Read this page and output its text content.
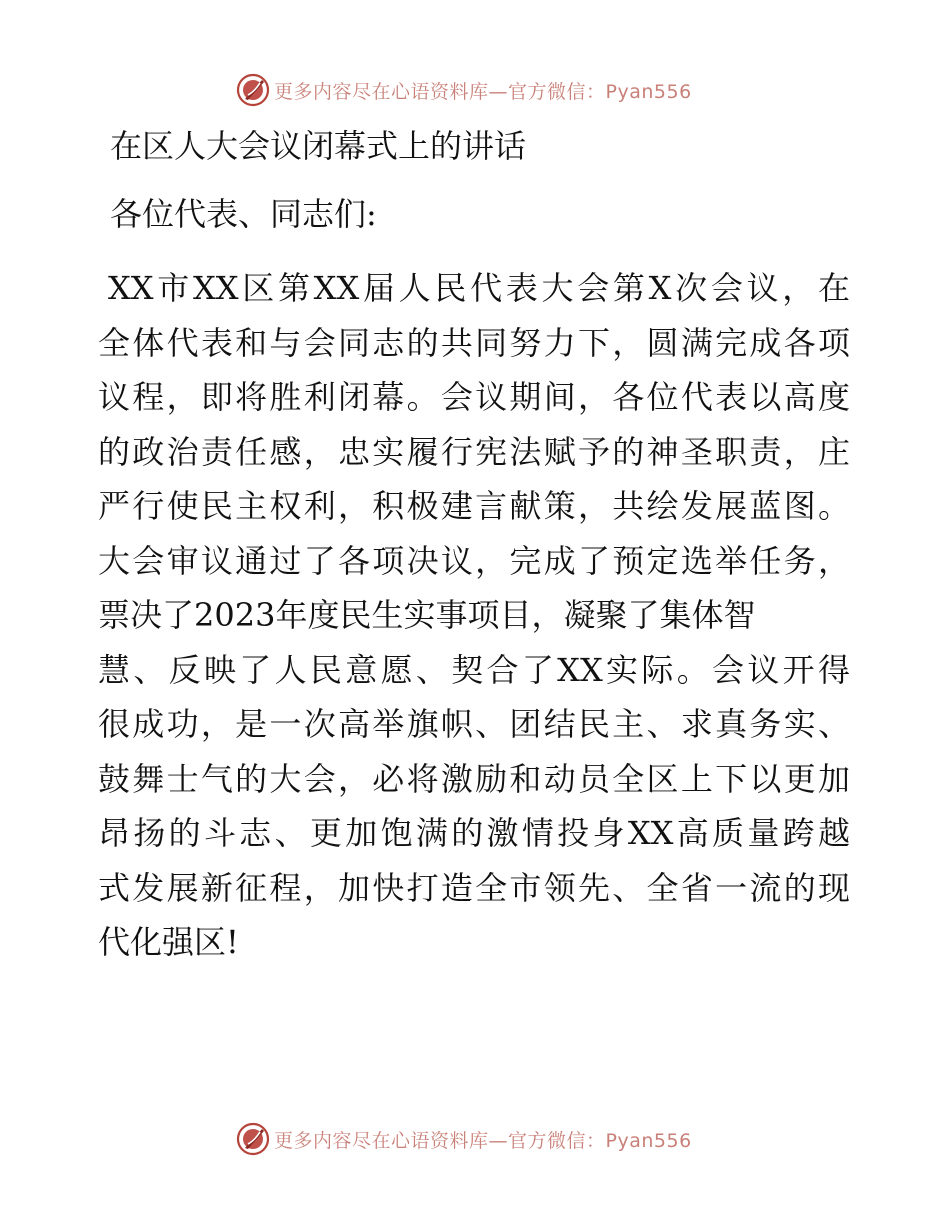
更多内容尽在心语资料库—官方微信：Pyan556
在区人大会议闭幕式上的讲话

各位代表、同志们:

XX市XX区第XX届人民代表大会第X次会议，在
全体代表和与会同志的共同努力下，圆满完成各项
议程，即将胜利闭幕。会议期间，各位代表以高度
的政治责任感，忠实履行宪法赋予的神圣职责，庄
严行使民主权利，积极建言献策，共绘发展蓝图。
大会审议通过了各项决议，完成了预定选举任务，
票决了2023年度民生实事项目，凝聚了集体智
慧、反映了人民意愿、契合了XX实际。会议开得
很成功，是一次高举旗帜、团结民主、求真务实、
鼓舞士气的大会，必将激励和动员全区上下以更加
昂扬的斗志、更加饱满的激情投身XX高质量跨越
式发展新征程，加快打造全市领先、全省一流的现
代化强区!

更多内容尽在心语资料库—官方微信：Pyan556
